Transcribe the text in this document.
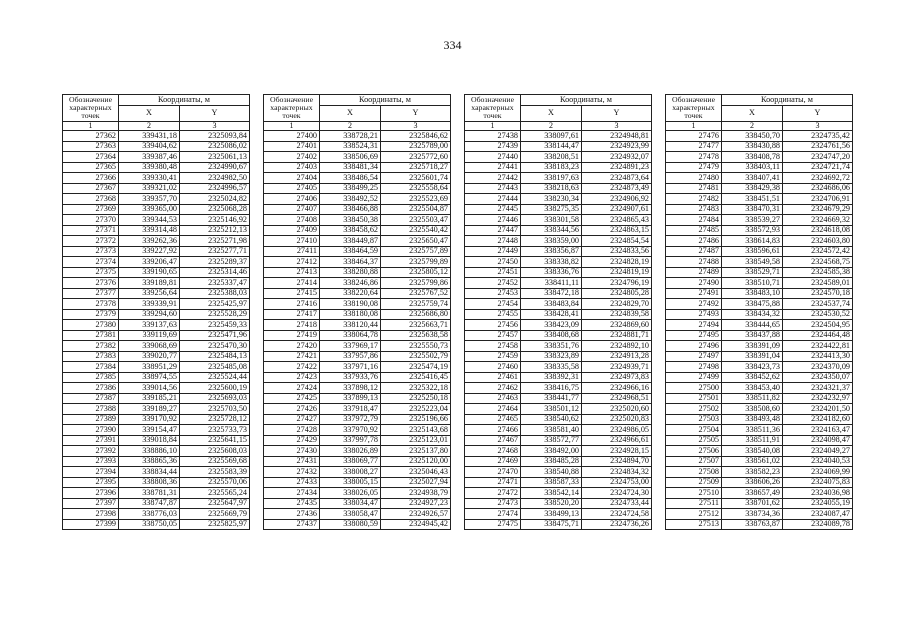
334
Обозначение характерных точек	Координаты, м	
	X	Y
1	2	3
27362	339431,18	2325093,84
27363	339404,62	2325086,02
27364	339387,46	2325061,13
27365	339380,48	2324990,67
27366	339330,41	2324982,50
27367	339321,02	2324996,57
27368	339357,70	2325024,82
27369	339365,00	2325068,28
27370	339344,53	2325146,92
27371	339314,48	2325212,13
27372	339262,36	2325271,98
27373	339227,92	2325277,71
27374	339206,47	2325289,37
27375	339190,65	2325314,46
27376	339189,81	2325337,47
27377	339256,64	2325388,03
27378	339339,91	2325425,97
27379	339294,60	2325528,29
27380	339137,63	2325459,33
27381	339119,69	2325471,96
27382	339068,69	2325470,30
27383	339020,77	2325484,13
27384	338951,29	2325485,08
27385	338974,55	2325524,44
27386	339014,56	2325600,19
27387	339185,21	2325693,03
27388	339189,27	2325703,50
27389	339170,92	2325728,12
27390	339154,47	2325733,73
27391	339018,84	2325641,15
27392	338886,10	2325608,03
27393	338865,36	2325569,68
27394	338834,44	2325583,39
27395	338808,36	2325570,06
27396	338781,31	2325565,24
27397	338747,87	2325647,97
27398	338776,03	2325669,79
27399	338750,05	2325825,97
Обозначение характерных точек	Координаты, м	
	X	Y
1	2	3
27400	338728,21	2325846,62
27401	338524,31	2325789,00
27402	338506,69	2325772,60
27403	338481,34	2325718,27
27404	338486,54	2325601,74
27405	338499,25	2325558,64
27406	338492,52	2325523,69
27407	338466,88	2325504,87
27408	338450,38	2325503,47
27409	338458,62	2325540,42
27410	338449,87	2325650,47
27411	338464,59	2325757,89
27412	338464,37	2325799,89
27413	338280,88	2325805,12
27414	338246,86	2325799,86
27415	338220,64	2325767,52
27416	338190,08	2325759,74
27417	338180,08	2325686,80
27418	338120,44	2325663,71
27419	338064,78	2325638,58
27420	337969,17	2325550,73
27421	337957,86	2325502,79
27422	337971,16	2325474,19
27423	337933,76	2325416,45
27424	337898,12	2325322,18
27425	337899,13	2325250,18
27426	337918,47	2325223,04
27427	337972,79	2325196,66
27428	337970,92	2325143,68
27429	337997,78	2325123,01
27430	338026,89	2325137,80
27431	338069,77	2325120,00
27432	338008,27	2325046,43
27433	338005,15	2325027,94
27434	338026,05	2324938,79
27435	338034,47	2324927,23
27436	338058,47	2324926,57
27437	338080,59	2324945,42
Обозначение характерных точек	Координаты, м	
	X	Y
1	2	3
27438	338097,61	2324948,81
27439	338144,47	2324923,99
27440	338208,51	2324932,07
27441	338183,23	2324891,23
27442	338197,63	2324873,64
27443	338218,63	2324873,49
27444	338230,34	2324906,92
27445	338275,35	2324907,61
27446	338301,58	2324865,43
27447	338344,56	2324863,15
27448	338359,00	2324854,54
27449	338356,87	2324833,56
27450	338338,82	2324828,19
27451	338336,76	2324819,19
27452	338411,11	2324796,19
27453	338472,18	2324805,28
27454	338483,84	2324829,70
27455	338428,41	2324839,58
27456	338423,09	2324869,60
27457	338408,68	2324881,71
27458	338351,76	2324892,10
27459	338323,89	2324913,28
27460	338335,58	2324939,71
27461	338392,31	2324973,83
27462	338416,75	2324966,16
27463	338441,77	2324968,51
27464	338501,12	2325020,60
27465	338540,62	2325020,83
27466	338581,40	2324986,05
27467	338572,77	2324966,61
27468	338492,00	2324928,15
27469	338485,28	2324894,70
27470	338540,88	2324834,32
27471	338587,33	2324753,00
27472	338542,14	2324724,30
27473	338520,20	2324733,44
27474	338499,13	2324724,58
27475	338475,71	2324736,26
Обозначение характерных точек	Координаты, м	
	X	Y
1	2	3
27476	338450,70	2324735,42
27477	338430,88	2324761,56
27478	338408,78	2324747,20
27479	338403,11	2324721,74
27480	338407,41	2324692,72
27481	338429,38	2324686,06
27482	338451,51	2324706,91
27483	338470,31	2324679,29
27484	338539,27	2324669,32
27485	338572,93	2324618,08
27486	338614,83	2324603,80
27487	338596,61	2324572,42
27488	338549,58	2324568,75
27489	338529,71	2324585,38
27490	338510,71	2324589,01
27491	338483,10	2324570,18
27492	338475,88	2324537,74
27493	338434,32	2324530,52
27494	338444,65	2324504,95
27495	338437,88	2324464,48
27496	338391,09	2324422,81
27497	338391,04	2324413,30
27498	338423,73	2324370,09
27499	338452,62	2324350,07
27500	338453,40	2324321,37
27501	338511,82	2324232,97
27502	338508,60	2324201,50
27503	338493,48	2324182,60
27504	338511,36	2324163,47
27505	338511,91	2324098,47
27506	338540,08	2324049,27
27507	338561,02	2324040,53
27508	338582,23	2324069,99
27509	338606,26	2324075,83
27510	338657,49	2324036,98
27511	338701,62	2324055,19
27512	338734,36	2324087,47
27513	338763,87	2324089,78
